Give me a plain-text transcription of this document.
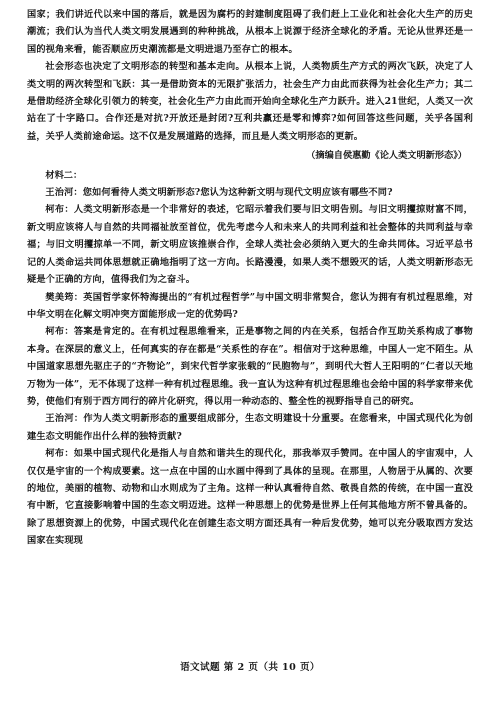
国家；我们讲近代以来中国的落后，就是因为腐朽的封建制度阻碍了我们赶上工业化和社会化大生产的历史潮流；我们认为当代人类文明发展遇到的种种挑战，从根本上说源于经济全球化的矛盾。无论从世界还是一国的视角来看，能否顺应历史潮流都是文明进退乃至存亡的根本。

社会形态也决定了文明形态的转型和基本走向。从根本上说，人类物质生产方式的两次飞跃，决定了人类文明的两次转型和飞跃：其一是借助资本的无限扩张活力，社会生产力由此而获得为社会化生产力；其二是借助经济全球化引领力的转变，社会化生产力由此而开始向全球化生产力跃升。进入21世纪，人类又一次站在了十字路口。合作还是对抗?开放还是封闭?互利共赢还是零和博弈?如何回答这些问题，关乎各国利益，关乎人类前途命运。这不仅是发展道路的选择，而且是人类文明形态的更新。

（摘编自侯惠勤《论人类文明新形态》）

材料二：

王治河：您如何看待人类文明新形态?您认为这种新文明与现代文明应该有哪些不同?

柯布：人类文明新形态是一个非常好的表述，它昭示着我们要与旧文明告别。与旧文明攫掠财富不同，新文明应该将人与自然的共同福祉放至首位，优先考虑今人和未来人的共同利益和社会整体的共同利益与幸福；与旧文明攫掠单一不同，新文明应该推崇合作，全球人类社会必须纳入更大的生命共同体。习近平总书记的人类命运共同体思想就正确地指明了这一方向。长路漫漫，如果人类不想毁灭的话，人类文明新形态无疑是个正确的方向，值得我们为之奋斗。

樊美筠：英国哲学家怀特海提出的“有机过程哲学”与中国文明非常契合，您认为拥有有机过程思维，对中华文明在化解文明冲突方面能形成一定的优势吗?

柯布：答案是肯定的。在有机过程思维看来，正是事物之间的内在关系，包括合作互助关系构成了事物本身。在深层的意义上，任何真实的存在都是“关系性的存在”。相信对于这种思维，中国人一定不陌生。从中国道家思想先驱庄子的“齐物论”，到宋代哲学家张载的“民胞物与”，到明代大哲人王阳明的“仁者以天地万物为一体”，无不体现了这样一种有机过程思维。我一直认为这种有机过程思维也会给中国的科学家带来优势，使他们有别于西方同行的碎片化研究，得以用一种动态的、整全性的视野指导自己的研究。

王治河：作为人类文明新形态的重要组成部分，生态文明建设十分重要。在您看来，中国式现代化为创建生态文明能作出什么样的独特贡献?

柯布：如果中国式现代化是指人与自然和谐共生的现代化，那我举双手赞同。在中国人的宇宙观中，人仅仅是宇宙的一个构成要素。这一点在中国的山水画中得到了具体的呈现。在那里，人物居于从属的、次要的地位，美丽的植物、动物和山水则成为了主角。这样一种认真看待自然、敬畏自然的传统，在中国一直没有中断，它直接影响着中国的生态文明迈进。这样一种思想上的优势是世界上任何其他地方所不曾具备的。除了思想资源上的优势，中国式现代化在创建生态文明方面还具有一种后发优势，她可以充分吸取西方发达国家在实现现

语文试题 第 2 页（共 10 页）
